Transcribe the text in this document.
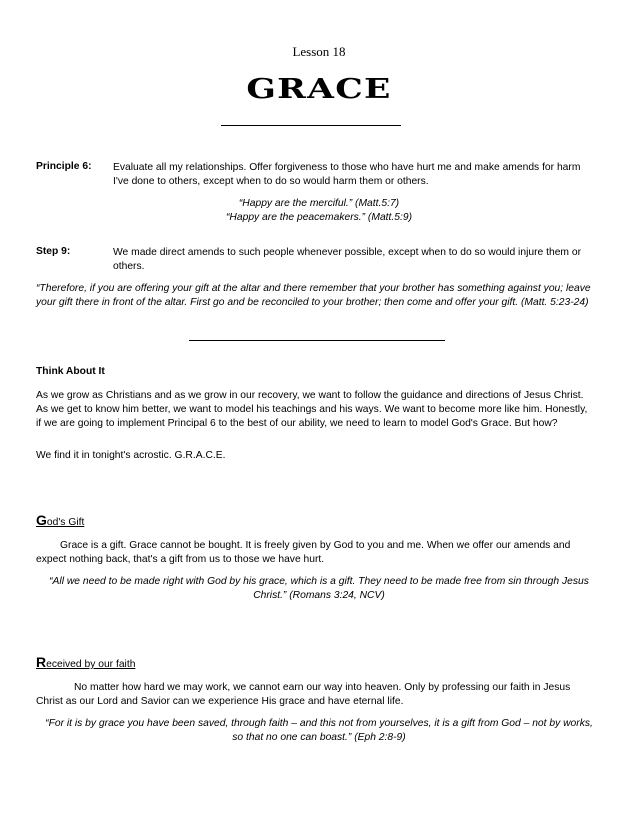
Lesson 18
GRACE
Principle 6: Evaluate all my relationships. Offer forgiveness to those who have hurt me and make amends for harm
I've done to others, except when to do so would harm them or others.
“Happy are the merciful.” (Matt.5:7)
“Happy are the peacemakers.” (Matt.5:9)
Step 9:	We made direct amends to such people whenever possible, except when to do so would injure them or
others.
“Therefore, if you are offering your gift at the altar and there remember that your brother has something against you; leave
your gift there in front of the altar. First go and be reconciled to your brother; then come and offer your gift. (Matt. 5:23-24)
Think About It
As we grow as Christians and as we grow in our recovery, we want to follow the guidance and directions of Jesus Christ.
As we get to know him better, we want to model his teachings and his ways. We want to become more like him. Honestly,
if we are going to implement Principal 6 to the best of our ability, we need to learn to model God's Grace. But how?
We find it in tonight's acrostic. G.R.A.C.E.
God's Gift
Grace is a gift. Grace cannot be bought. It is freely given by God to you and me. When we offer our amends and
expect nothing back, that's a gift from us to those we have hurt.
“All we need to be made right with God by his grace, which is a gift. They need to be made free from sin through Jesus
Christ.” (Romans 3:24, NCV)
Received by our faith
No matter how hard we may work, we cannot earn our way into heaven. Only by professing our faith in Jesus
Christ as our Lord and Savior can we experience His grace and have eternal life.
“For it is by grace you have been saved, through faith – and this not from yourselves, it is a gift from God – not by works,
so that no one can boast.” (Eph 2:8-9)
